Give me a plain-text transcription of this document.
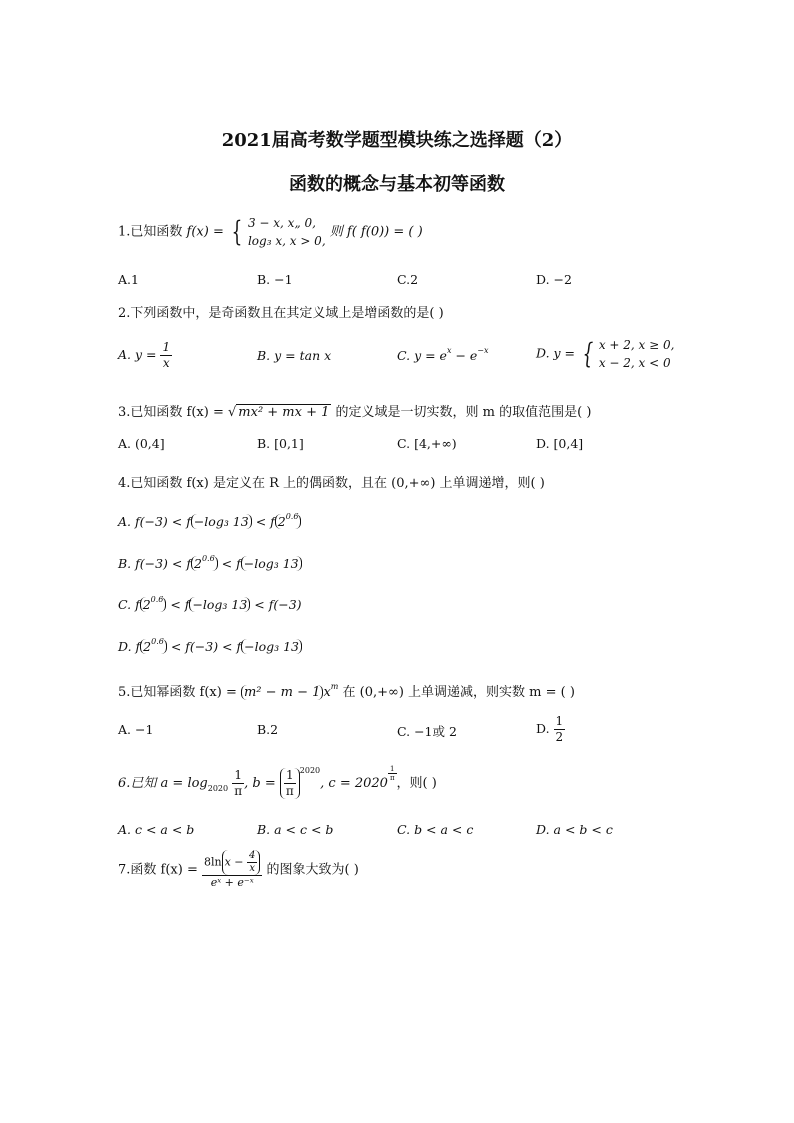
2021届高考数学题型模块练之选择题（2）
函数的概念与基本初等函数
1.已知函数 f(x) = { 3 − x, x„ 0,
log₃ x, x > 0,
则 f( f(0)) = ( )
A.1	B. −1	C.2	D. −2
2.下列函数中，是奇函数且在其定义域上是增函数的是( )
A. $y = \frac{1}{x}$	B. y = tan x	C. $y = e^x - e^{-x}$	D. y = { x + 2, x ≥ 0,
x − 2, x < 0
3.已知函数 f(x) = √ mx² + mx + 1 的定义域是一切实数，则 m 的取值范围是( )
A. (0,4]	B. [0,1]	C. [4,+∞)	D. [0,4]
4.已知函数 f(x) 是定义在 R 上的偶函数，且在 (0,+∞) 上单调递增，则( )
A. f(−3) < f −log₃ 13 < f $2^{0.6}$
B. f(−3) < f $2^{0.6} < f -\log_3$ 13
C. f $2^{0.6} < f -\log_3$ 13 < f(−3)
D. f $2^{0.6} < f(-3) < f -\log_3$ 13
5.已知幂函数 f(x) = m² − m − 1 $x^m$ 在 (0,+∞) 上单调递减，则实数 m = ( )
A. −1	B.2	C. −1或 2	D. $\frac{1}{2}$
6.已知 $a = \log_{2020} \frac{1}{\pi}$ , $b = \frac{1}{\pi} ^{2020}$, c = 2020
$\frac{1}{\pi}$
，则( )
A. c < a < b	B. a < c < b	C. b < a < c	D. a < b < c
7.函数 $f(x) = \frac{8\ln x - \frac{4}{x}}{\text{eˣ + e⁻ˣ}}$ 的图象大致为( )
